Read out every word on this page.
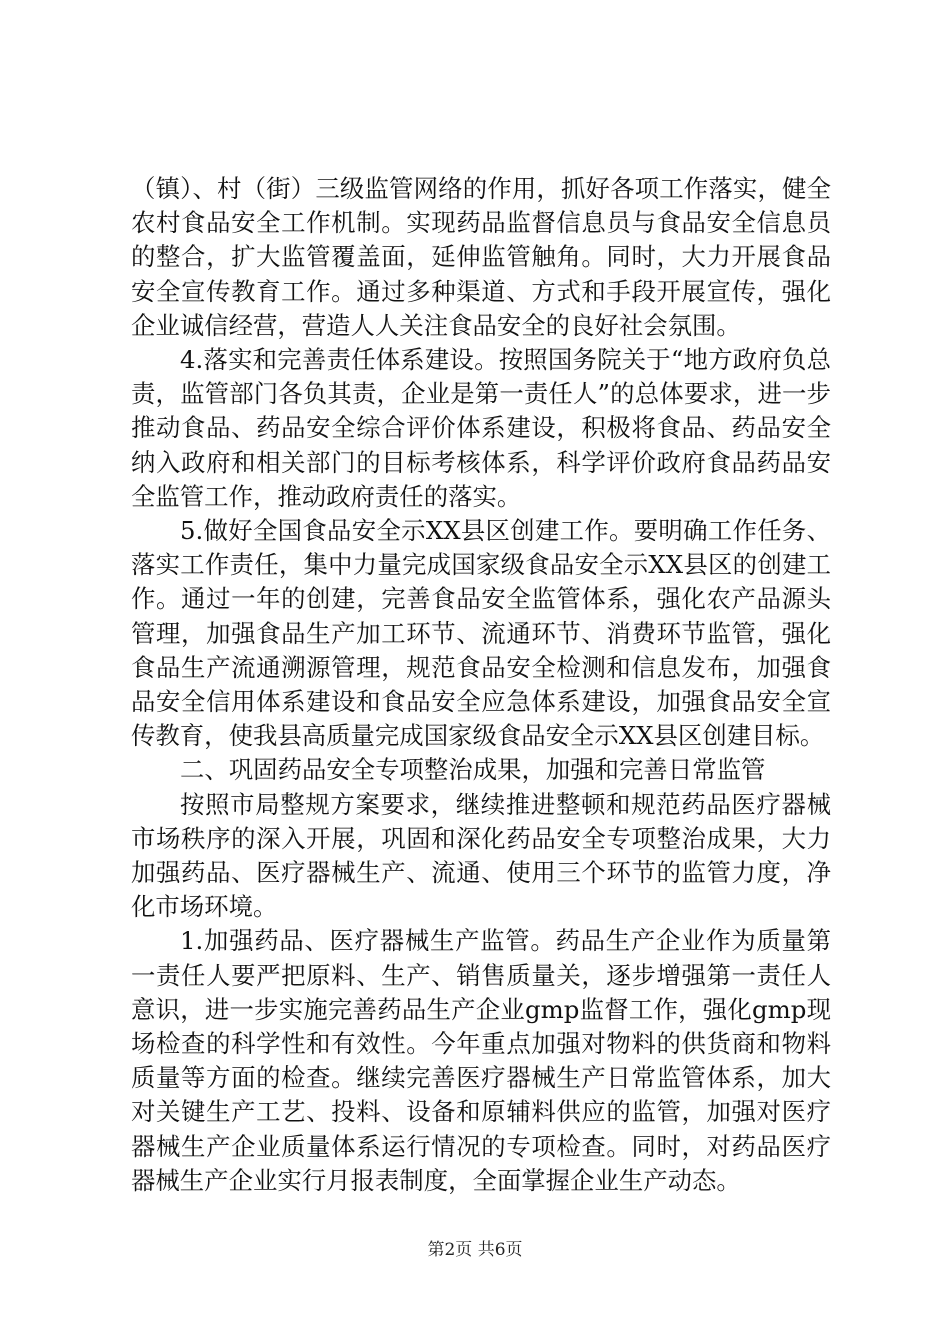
（镇）、村（街）三级监管网络的作用，抓好各项工作落实，健全农村食品安全工作机制。实现药品监督信息员与食品安全信息员的整合，扩大监管覆盖面，延伸监管触角。同时，大力开展食品安全宣传教育工作。通过多种渠道、方式和手段开展宣传，强化企业诚信经营，营造人人关注食品安全的良好社会氛围。

4.落实和完善责任体系建设。按照国务院关于“地方政府负总责，监管部门各负其责，企业是第一责任人”的总体要求，进一步推动食品、药品安全综合评价体系建设，积极将食品、药品安全纳入政府和相关部门的目标考核体系，科学评价政府食品药品安全监管工作，推动政府责任的落实。

5.做好全国食品安全示XX县区创建工作。要明确工作任务、落实工作责任，集中力量完成国家级食品安全示XX县区的创建工作。通过一年的创建，完善食品安全监管体系，强化农产品源头管理，加强食品生产加工环节、流通环节、消费环节监管，强化食品生产流通溯源管理，规范食品安全检测和信息发布，加强食品安全信用体系建设和食品安全应急体系建设，加强食品安全宣传教育，使我县高质量完成国家级食品安全示XX县区创建目标。

二、巩固药品安全专项整治成果，加强和完善日常监管

按照市局整规方案要求，继续推进整顿和规范药品医疗器械市场秩序的深入开展，巩固和深化药品安全专项整治成果，大力加强药品、医疗器械生产、流通、使用三个环节的监管力度，净化市场环境。

1.加强药品、医疗器械生产监管。药品生产企业作为质量第一责任人要严把原料、生产、销售质量关，逐步增强第一责任人意识，进一步实施完善药品生产企业gmp监督工作，强化gmp现场检查的科学性和有效性。今年重点加强对物料的供货商和物料质量等方面的检查。继续完善医疗器械生产日常监管体系，加大对关键生产工艺、投料、设备和原辅料供应的监管，加强对医疗器械生产企业质量体系运行情况的专项检查。同时，对药品医疗器械生产企业实行月报表制度，全面掌握企业生产动态。

第2页 共6页
